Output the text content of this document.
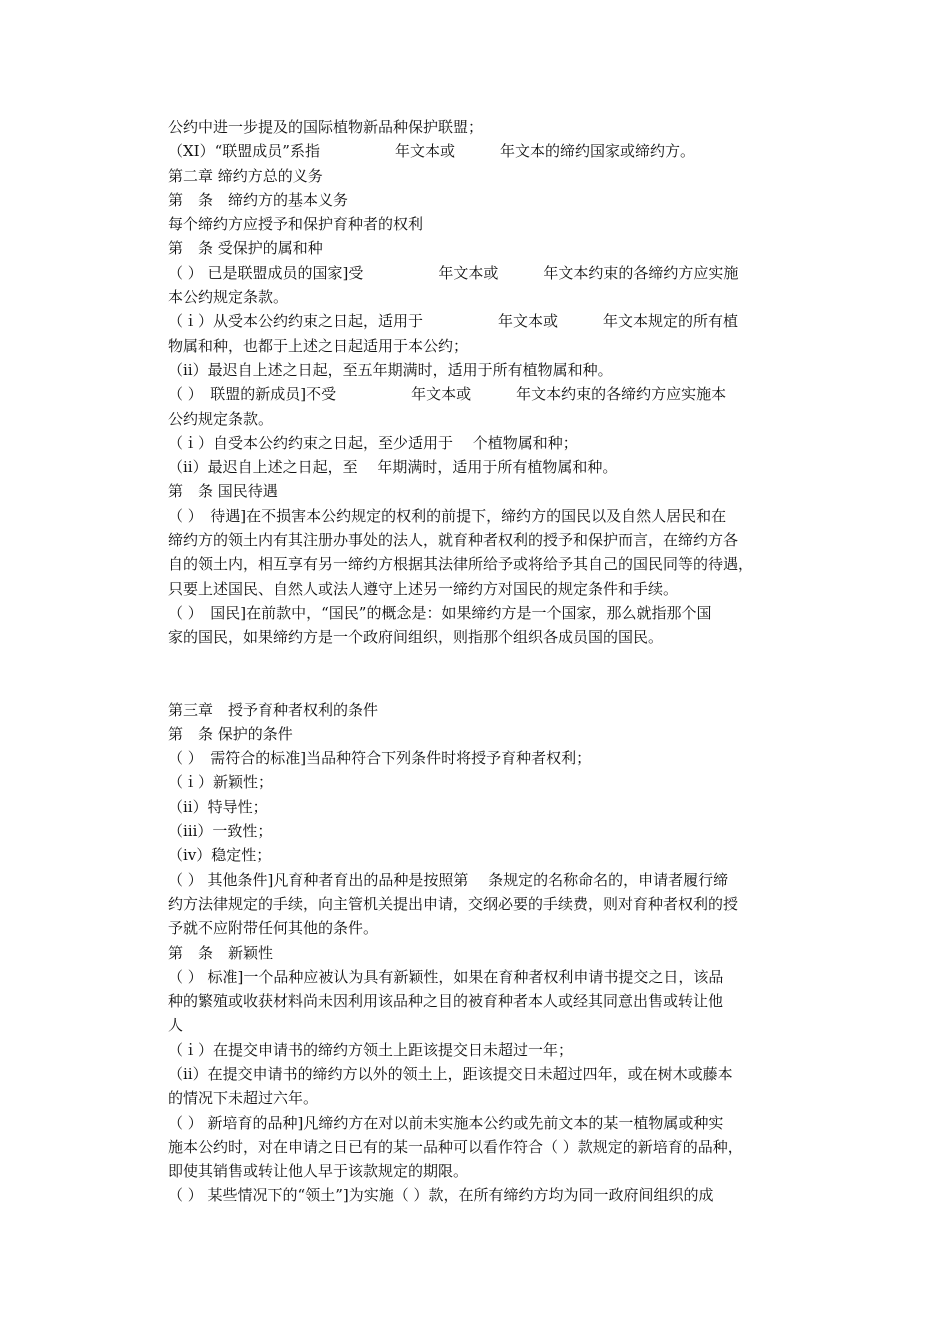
公约中进一步提及的国际植物新品种保护联盟；

（XI）“联盟成员”系指　　　　　年文本或　　　年文本的缔约国家或缔约方。

第二章 缔约方总的义务

第　条　缔约方的基本义务

每个缔约方应授予和保护育种者的权利

第　条 受保护的属和种

（ ） 已是联盟成员的国家]受　　　　　年文本或　　　年文本约束的各缔约方应实施

本公约规定条款。

（ｉ）从受本公约约束之日起，适用于　　　　　年文本或　　　年文本规定的所有植

物属和种，也都于上述之日起适用于本公约；

（ⅱ）最迟自上述之日起，至五年期满时，适用于所有植物属和种。

（ ）　联盟的新成员]不受　　　　　年文本或　　　年文本约束的各缔约方应实施本

公约规定条款。

（ｉ）自受本公约约束之日起，至少适用于　 个植物属和种；

（ⅱ）最迟自上述之日起，至　 年期满时，适用于所有植物属和种。

第　条 国民待遇

（ ）　待遇]在不损害本公约规定的权利的前提下，缔约方的国民以及自然人居民和在

缔约方的领土内有其注册办事处的法人，就育种者权利的授予和保护而言，在缔约方各

自的领土内，相互享有另一缔约方根据其法律所给予或将给予其自己的国民同等的待遇，

只要上述国民、自然人或法人遵守上述另一缔约方对国民的规定条件和手续。

（ ）　国民]在前款中，“国民”的概念是：如果缔约方是一个国家，那么就指那个国

家的国民，如果缔约方是一个政府间组织，则指那个组织各成员国的国民。

第三章　授予育种者权利的条件

第　条 保护的条件

（ ）　需符合的标准]当品种符合下列条件时将授予育种者权利；

（ｉ）新颖性；

（ⅱ）特导性；

（ⅲ）一致性；

（ⅳ）稳定性；

（ ） 其他条件]凡育种者育出的品种是按照第　 条规定的名称命名的，申请者履行缔

约方法律规定的手续，向主管机关提出申请，交纲必要的手续费，则对育种者权利的授

予就不应附带任何其他的条件。

第　条　新颖性

（ ） 标准]一个品种应被认为具有新颖性，如果在育种者权利申请书提交之日，该品

种的繁殖或收获材料尚未因利用该品种之目的被育种者本人或经其同意出售或转让他

人

（ｉ）在提交申请书的缔约方领土上距该提交日未超过一年；

（ⅱ）在提交申请书的缔约方以外的领土上，距该提交日未超过四年，或在树木或藤本

的情况下未超过六年。

（ ） 新培育的品种]凡缔约方在对以前未实施本公约或先前文本的某一植物属或种实

施本公约时，对在申请之日已有的某一品种可以看作符合（ ）款规定的新培育的品种，

即使其销售或转让他人早于该款规定的期限。

（ ） 某些情况下的“领土”]为实施（ ）款，在所有缔约方均为同一政府间组织的成
